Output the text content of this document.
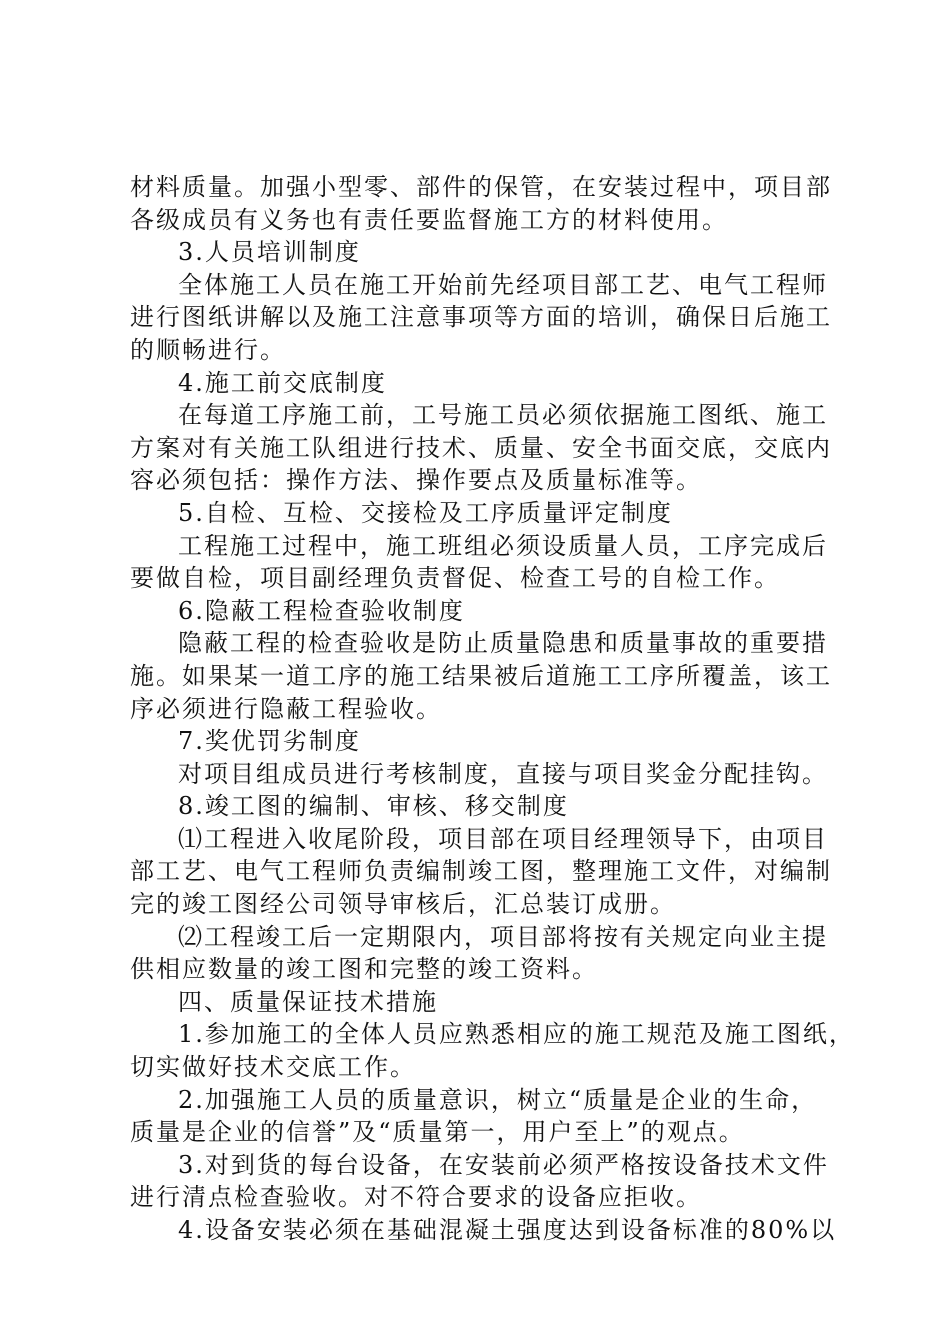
材料质量。加强小型零、部件的保管，在安装过程中，项目部
各级成员有义务也有责任要监督施工方的材料使用。

3.人员培训制度

全体施工人员在施工开始前先经项目部工艺、电气工程师
进行图纸讲解以及施工注意事项等方面的培训，确保日后施工
的顺畅进行。

4.施工前交底制度

在每道工序施工前，工号施工员必须依据施工图纸、施工
方案对有关施工队组进行技术、质量、安全书面交底，交底内
容必须包括：操作方法、操作要点及质量标准等。

5.自检、互检、交接检及工序质量评定制度

工程施工过程中，施工班组必须设质量人员，工序完成后
要做自检，项目副经理负责督促、检查工号的自检工作。

6.隐蔽工程检查验收制度

隐蔽工程的检查验收是防止质量隐患和质量事故的重要措
施。如果某一道工序的施工结果被后道施工工序所覆盖，该工
序必须进行隐蔽工程验收。

7.奖优罚劣制度

对项目组成员进行考核制度，直接与项目奖金分配挂钩。

8.竣工图的编制、审核、移交制度

⑴工程进入收尾阶段，项目部在项目经理领导下，由项目
部工艺、电气工程师负责编制竣工图，整理施工文件，对编制
完的竣工图经公司领导审核后，汇总装订成册。

⑵工程竣工后一定期限内，项目部将按有关规定向业主提
供相应数量的竣工图和完整的竣工资料。

四、质量保证技术措施

1.参加施工的全体人员应熟悉相应的施工规范及施工图纸，
切实做好技术交底工作。

2.加强施工人员的质量意识，树立“质量是企业的生命，
质量是企业的信誉”及“质量第一，用户至上”的观点。

3.对到货的每台设备，在安装前必须严格按设备技术文件
进行清点检查验收。对不符合要求的设备应拒收。

4.设备安装必须在基础混凝土强度达到设备标准的80%以
